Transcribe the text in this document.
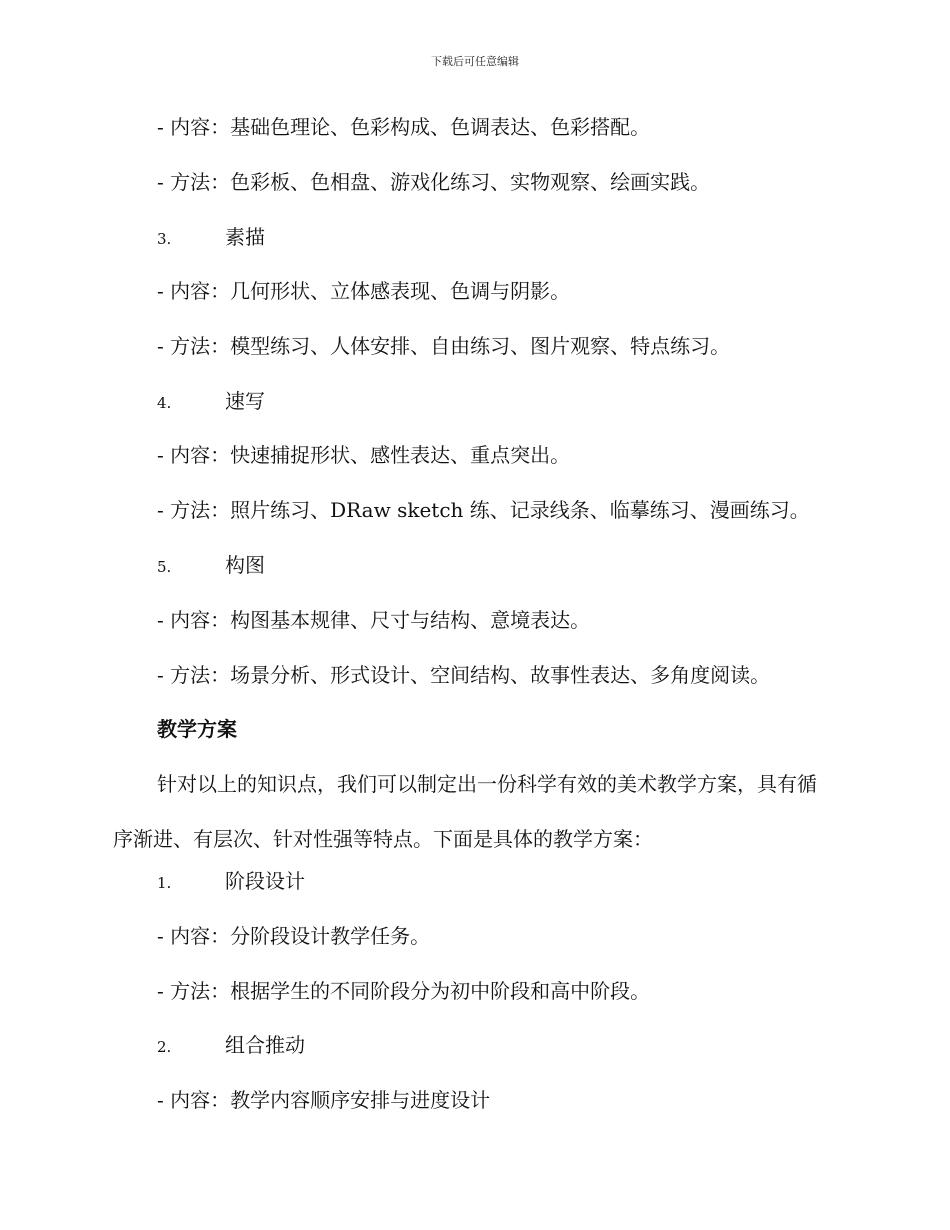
下载后可任意编辑
- 内容：基础色理论、色彩构成、色调表达、色彩搭配。
- 方法：色彩板、色相盘、游戏化练习、实物观察、绘画实践。
3.	素描
- 内容：几何形状、立体感表现、色调与阴影。
- 方法：模型练习、人体安排、自由练习、图片观察、特点练习。
4.	速写
- 内容：快速捕捉形状、感性表达、重点突出。
- 方法：照片练习、DRaw sketch 练、记录线条、临摹练习、漫画练习。
5.	构图
- 内容：构图基本规律、尺寸与结构、意境表达。
- 方法：场景分析、形式设计、空间结构、故事性表达、多角度阅读。
教学方案
针对以上的知识点，我们可以制定出一份科学有效的美术教学方案，具有循序渐进、有层次、针对性强等特点。下面是具体的教学方案：
1.	阶段设计
- 内容：分阶段设计教学任务。
- 方法：根据学生的不同阶段分为初中阶段和高中阶段。
2.	组合推动
- 内容：教学内容顺序安排与进度设计
